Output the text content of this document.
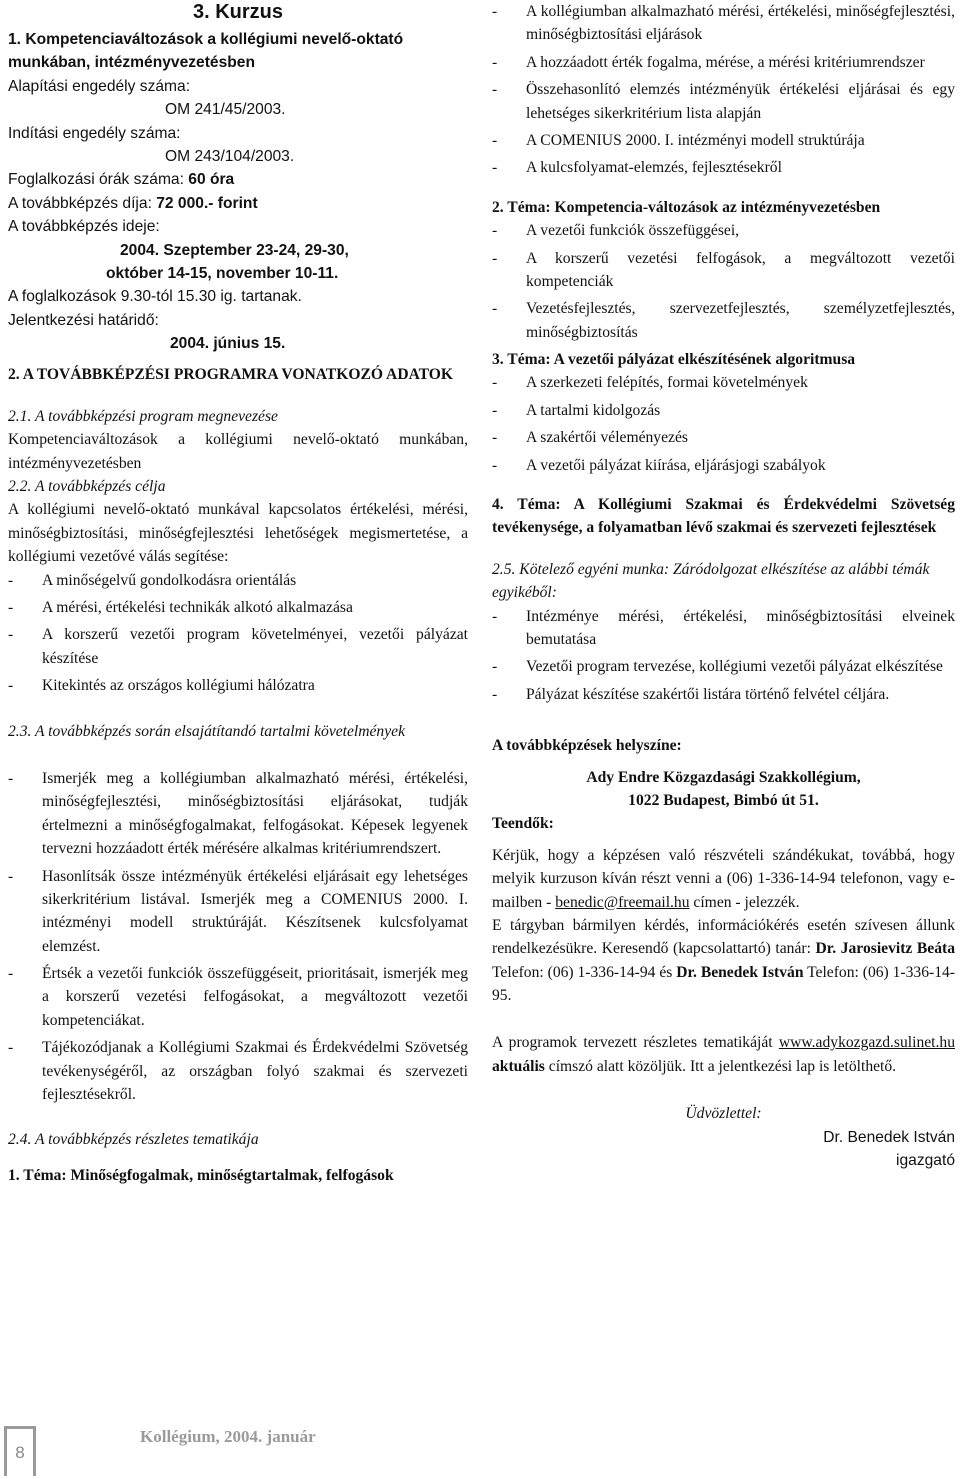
3. Kurzus

1. Kompetenciaváltozások a kollégiumi nevelő-oktató munkában, intézményvezetésben

Alapítási engedély száma:

OM 241/45/2003.

Indítási engedély száma:

OM 243/104/2003.

Foglalkozási órák száma: 60 óra

A továbbképzés díja: 72 000.- forint

A továbbképzés ideje:

2004. Szeptember 23-24, 29-30,

október 14-15, november 10-11.

A foglalkozások 9.30-tól 15.30 ig. tartanak.

Jelentkezési határidő:

2004. június 15.

2. A TOVÁBBKÉPZÉSI PROGRAMRA VONATKOZÓ ADATOK

2.1. A továbbképzési program megnevezése

Kompetenciaváltozások a kollégiumi nevelő-oktató munkában, intézményvezetésben

2.2. A továbbképzés célja

A kollégiumi nevelő-oktató munkával kapcsolatos értékelési, mérési, minőségbiztosítási, minőségfejlesztési lehetőségek megismertetése, a kollégiumi vezetővé válás segítése:

- A minőségelvű gondolkodásra orientálás
- A mérési, értékelési technikák alkotó alkalmazása
- A korszerű vezetői program követelményei, vezetői pályázat készítése
- Kitekintés az országos kollégiumi hálózatra

2.3. A továbbképzés során elsajátítandó tartalmi követelmények

- Ismerjék meg a kollégiumban alkalmazható mérési, értékelési, minőségfejlesztési, minőségbiztosítási eljárásokat, tudják értelmezni a minőségfogalmakat, felfogásokat. Képesek legyenek tervezni hozzáadott érték mérésére alkalmas kritériumrendszert.
- Hasonlítsák össze intézményük értékelési eljárásait egy lehetséges sikerkritérium listával. Ismerjék meg a COMENIUS 2000. I. intézményi modell struktúráját. Készítsenek kulcsfolyamat elemzést.
- Értsék a vezetői funkciók összefüggéseit, prioritásait, ismerjék meg a korszerű vezetési felfogásokat, a megváltozott vezetői kompetenciákat.
- Tájékozódjanak a Kollégiumi Szakmai és Érdekvédelmi Szövetség tevékenységéről, az országban folyó szakmai és szervezeti fejlesztésekről.

2.4. A továbbképzés részletes tematikája

1. Téma: Minőségfogalmak, minőségtartalmak, felfogások

- A kollégiumban alkalmazható mérési, értékelési, minőségfejlesztési, minőségbiztosítási eljárások
- A hozzáadott érték fogalma, mérése, a mérési kritériumrendszer
- Összehasonlító elemzés intézményük értékelési eljárásai és egy lehetséges sikerkritérium lista alapján
- A COMENIUS 2000. I. intézményi modell struktúrája
- A kulcsfolyamat-elemzés, fejlesztésekről

2. Téma: Kompetencia-változások az intézményvezetésben

- A vezetői funkciók összefüggései,
- A korszerű vezetési felfogások, a megváltozott vezetői kompetenciák
- Vezetésfejlesztés, szervezetfejlesztés, személyzetfejlesztés, minőségbiztosítás

3. Téma: A vezetői pályázat elkészítésének algoritmusa

- A szerkezeti felépítés, formai követelmények
- A tartalmi kidolgozás
- A szakértői véleményezés
- A vezetői pályázat kiírása, eljárásjogi szabályok

4. Téma: A Kollégiumi Szakmai és Érdekvédelmi Szövetség tevékenysége, a folyamatban lévő szakmai és szervezeti fejlesztések

2.5. Kötelező egyéni munka: Záródolgozat elkészítése az alábbi témák egyikéből:

- Intézménye mérési, értékelési, minőségbiztosítási elveinek bemutatása
- Vezetői program tervezése, kollégiumi vezetői pályázat elkészítése
- Pályázat készítése szakértői listára történő felvétel céljára.

A továbbképzések helyszíne:

Ady Endre Közgazdasági Szakkollégium,

1022 Budapest, Bimbó út 51.

Teendők:

Kérjük, hogy a képzésen való részvételi szándékukat, továbbá, hogy melyik kurzuson kíván részt venni a (06) 1-336-14-94 telefonon, vagy e-mailben - benedic@freemail.hu címen - jelezzék.

E tárgyban bármilyen kérdés, információkérés esetén szívesen állunk rendelkezésükre. Keresendő (kapcsolattartó) tanár: Dr. Jarosievitz Beáta Telefon: (06) 1-336-14-94 és Dr. Benedek István Telefon: (06) 1-336-14-95.

A programok tervezett részletes tematikáját www.adykozgazd.sulinet.hu aktuális címszó alatt közöljük. Itt a jelentkezési lap is letölthető.

Üdvözlettel:

Dr. Benedek István

igazgató

8
Kollégium, 2004. január
